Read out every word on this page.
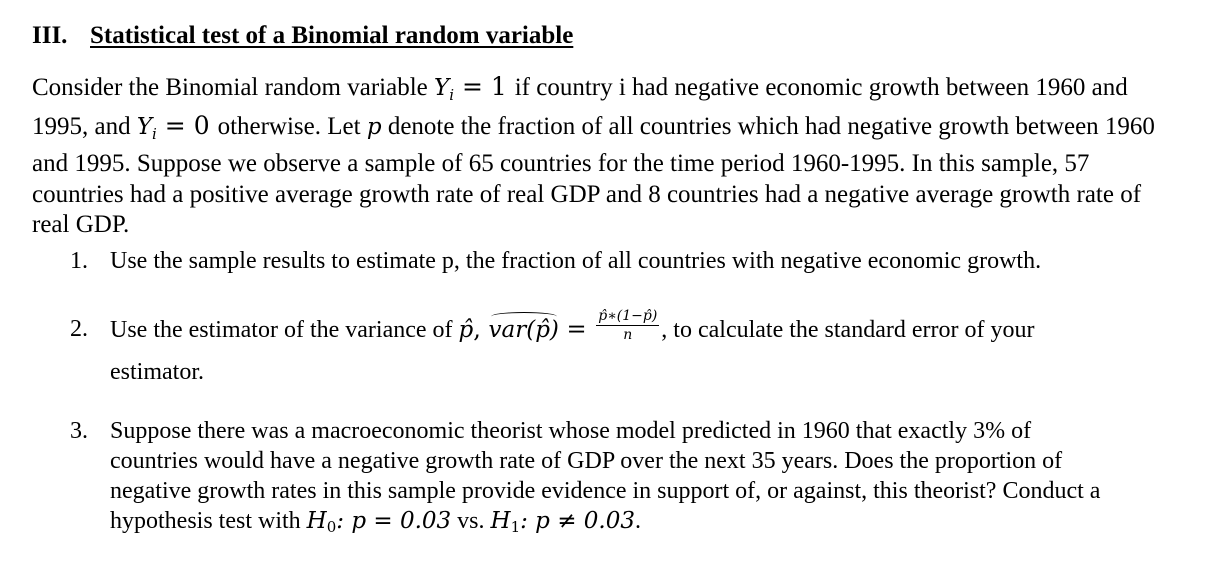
III. Statistical test of a Binomial random variable
Consider the Binomial random variable $Y_i = 1$ if country i had negative economic growth between 1960 and
1995, and $Y_i = 0$ otherwise. Let p denote the fraction of all countries which had negative growth between 1960
and 1995. Suppose we observe a sample of 65 countries for the time period 1960-1995. In this sample, 57
countries had a positive average growth rate of real GDP and 8 countries had a negative average growth rate of
real GDP.
1. Use the sample results to estimate p, the fraction of all countries with negative economic growth.
2. Use the estimator of the variance of p̂, var(p̂) = $\frac{p̂∗(1-p̂)}{n}$ , to calculate the standard error of your
estimator.
3. Suppose there was a macroeconomic theorist whose model predicted in 1960 that exactly 3% of
countries would have a negative growth rate of GDP over the next 35 years. Does the proportion of
negative growth rates in this sample provide evidence in support of, or against, this theorist? Conduct a
hypothesis test with $H_0$: p = 0.03 vs. $H_1$: p ≠ 0.03.
